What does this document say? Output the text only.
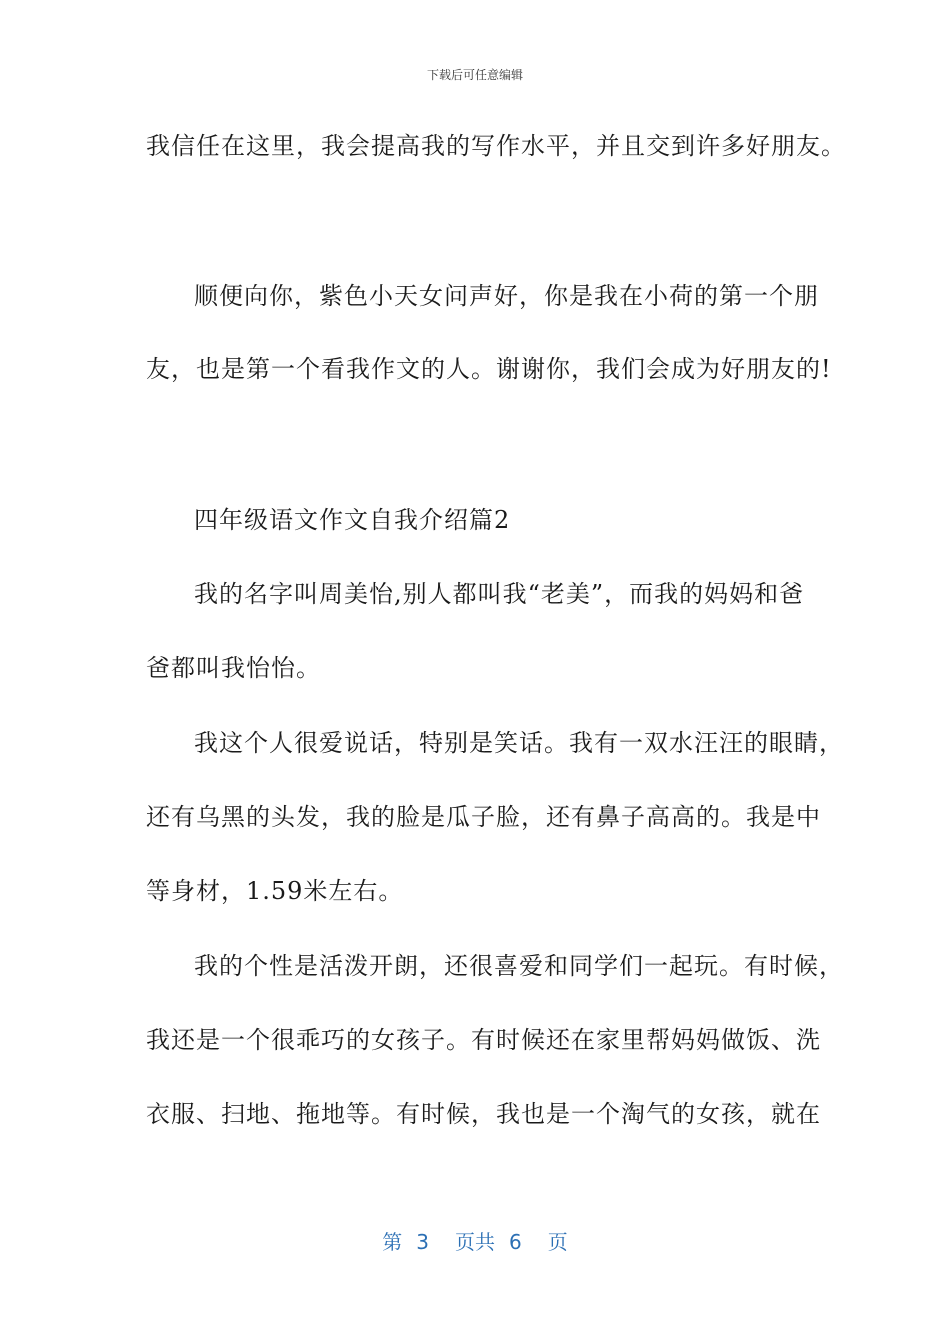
下载后可任意编辑
我信任在这里，我会提高我的写作水平，并且交到许多好朋友。
顺便向你，紫色小天女问声好，你是我在小荷的第一个朋
友，也是第一个看我作文的人。谢谢你，我们会成为好朋友的!
四年级语文作文自我介绍篇2
我的名字叫周美怡,别人都叫我“老美”，而我的妈妈和爸
爸都叫我怡怡。
我这个人很爱说话，特别是笑话。我有一双水汪汪的眼睛，
还有乌黑的头发，我的脸是瓜子脸，还有鼻子高高的。我是中
等身材，1.59米左右。
我的个性是活泼开朗，还很喜爱和同学们一起玩。有时候，
我还是一个很乖巧的女孩子。有时候还在家里帮妈妈做饭、洗
衣服、扫地、拖地等。有时候，我也是一个淘气的女孩，就在
第 3 页共 6 页
